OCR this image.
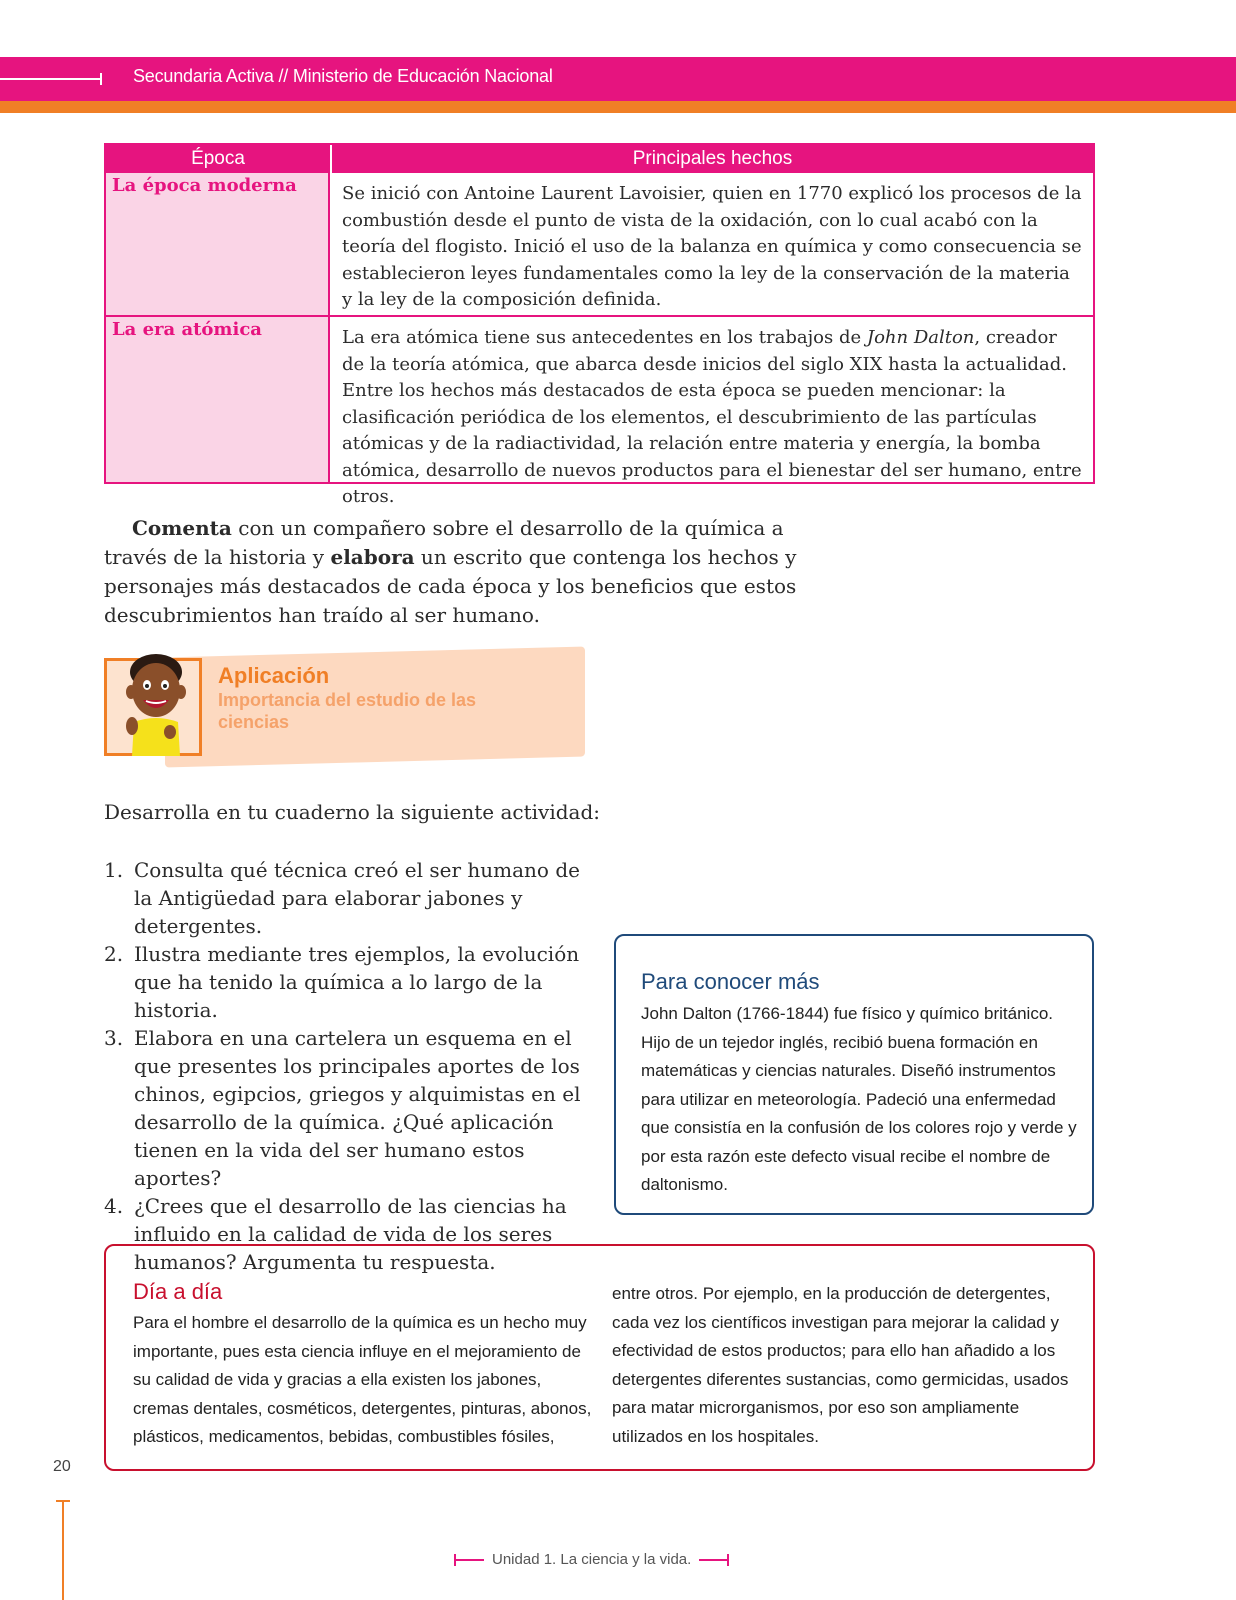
Secundaria Activa // Ministerio de Educación Nacional
Época	Principales hechos
La época moderna	Se inició con Antoine Laurent Lavoisier, quien en 1770 explicó los procesos de la combustión desde el punto de vista de la oxidación, con lo cual acabó con la teoría del flogisto. Inició el uso de la balanza en química y como consecuencia se establecieron leyes fundamentales como la ley de la conservación de la materia y la ley de la composición definida.
La era atómica	La era atómica tiene sus antecedentes en los trabajos de John Dalton, creador de la teoría atómica, que abarca desde inicios del siglo XIX hasta la actualidad. Entre los hechos más destacados de esta época se pueden mencionar: la clasificación periódica de los elementos, el descubrimiento de las partículas atómicas y de la radiactividad, la relación entre materia y energía, la bomba atómica, desarrollo de nuevos productos para el bienestar del ser humano, entre otros.

Comenta con un compañero sobre el desarrollo de la química a través de la historia y elabora un escrito que contenga los hechos y personajes más destacados de cada época y los beneficios que estos descubrimientos han traído al ser humano.

Aplicación
Importancia del estudio de las ciencias
Desarrolla en tu cuaderno la siguiente actividad:
1. Consulta qué técnica creó el ser humano de la Antigüedad para elaborar jabones y detergentes.
2. Ilustra mediante tres ejemplos, la evolución que ha tenido la química a lo largo de la historia.
3. Elabora en una cartelera un esquema en el que presentes los principales aportes de los chinos, egipcios, griegos y alquimistas en el desarrollo de la química. ¿Qué aplicación tienen en la vida del ser humano estos aportes?
4. ¿Crees que el desarrollo de las ciencias ha influido en la calidad de vida de los seres humanos? Argumenta tu respuesta.
Para conocer más
John Dalton (1766-1844) fue físico y químico británico. Hijo de un tejedor inglés, recibió buena formación en matemáticas y ciencias naturales. Diseñó instrumentos para utilizar en meteorología. Padeció una enfermedad que consistía en la confusión de los colores rojo y verde y por esta razón este defecto visual recibe el nombre de daltonismo.
Día a día
Para el hombre el desarrollo de la química es un hecho muy importante, pues esta ciencia influye en el mejoramiento de su calidad de vida y gracias a ella existen los jabones, cremas dentales, cosméticos, detergentes, pinturas, abonos, plásticos, medicamentos, bebidas, combustibles fósiles,
entre otros. Por ejemplo, en la producción de detergentes, cada vez los científicos investigan para mejorar la calidad y efectividad de estos productos; para ello han añadido a los detergentes diferentes sustancias, como germicidas, usados para matar microrganismos, por eso son ampliamente utilizados en los hospitales.
20
Unidad 1. La ciencia y la vida.
